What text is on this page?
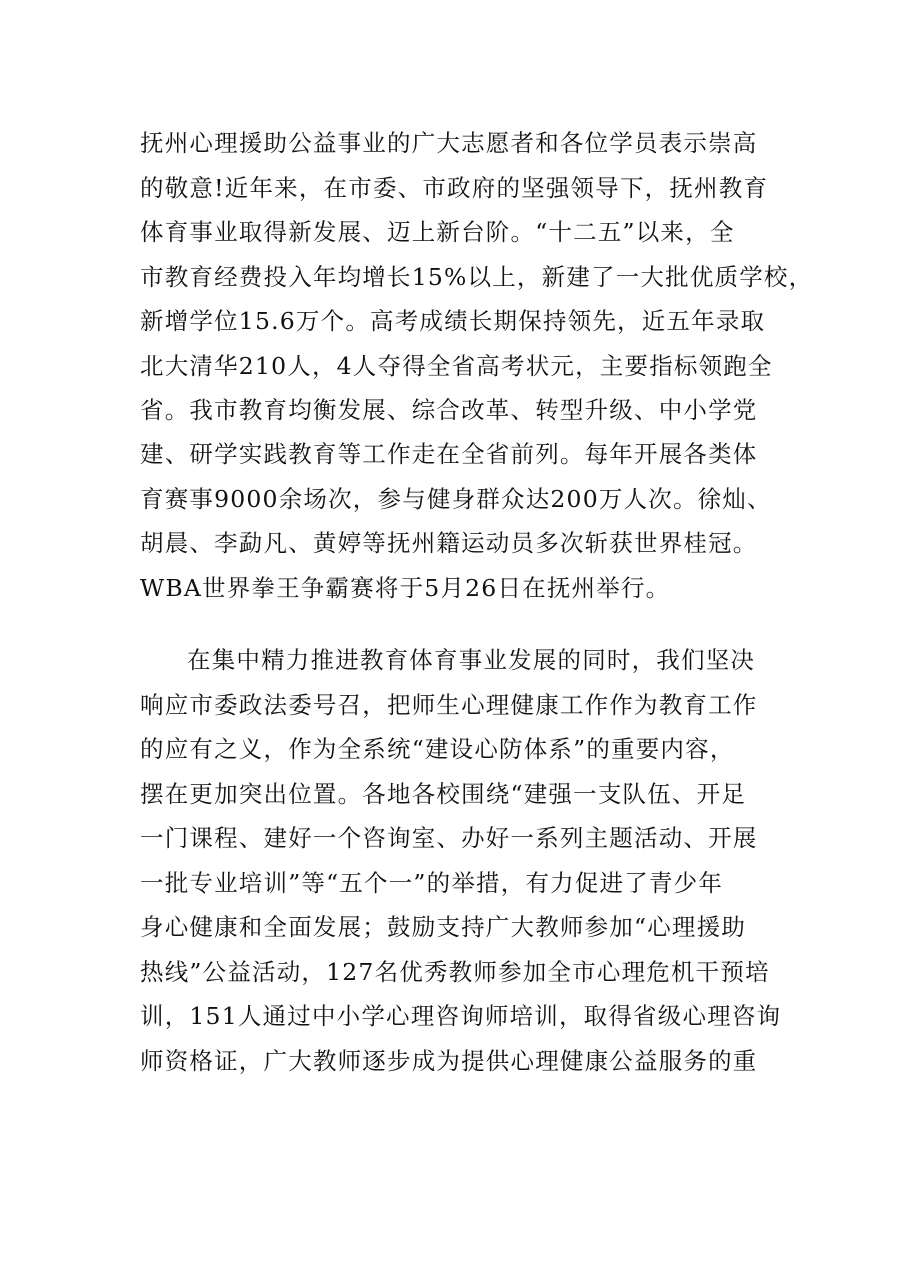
抚州心理援助公益事业的广大志愿者和各位学员表示崇高
的敬意!近年来，在市委、市政府的坚强领导下，抚州教育
体育事业取得新发展、迈上新台阶。“十二五”以来，全
市教育经费投入年均增长15%以上，新建了一大批优质学校，
新增学位15.6万个。高考成绩长期保持领先，近五年录取
北大清华210人，4人夺得全省高考状元，主要指标领跑全
省。我市教育均衡发展、综合改革、转型升级、中小学党
建、研学实践教育等工作走在全省前列。每年开展各类体
育赛事9000余场次，参与健身群众达200万人次。徐灿、
胡晨、李勐凡、黄婷等抚州籍运动员多次斩获世界桂冠。
WBA世界拳王争霸赛将于5月26日在抚州举行。
在集中精力推进教育体育事业发展的同时，我们坚决
响应市委政法委号召，把师生心理健康工作作为教育工作
的应有之义，作为全系统“建设心防体系”的重要内容，
摆在更加突出位置。各地各校围绕“建强一支队伍、开足
一门课程、建好一个咨询室、办好一系列主题活动、开展
一批专业培训”等“五个一”的举措，有力促进了青少年
身心健康和全面发展；鼓励支持广大教师参加“心理援助
热线”公益活动，127名优秀教师参加全市心理危机干预培
训，151人通过中小学心理咨询师培训，取得省级心理咨询
师资格证，广大教师逐步成为提供心理健康公益服务的重
